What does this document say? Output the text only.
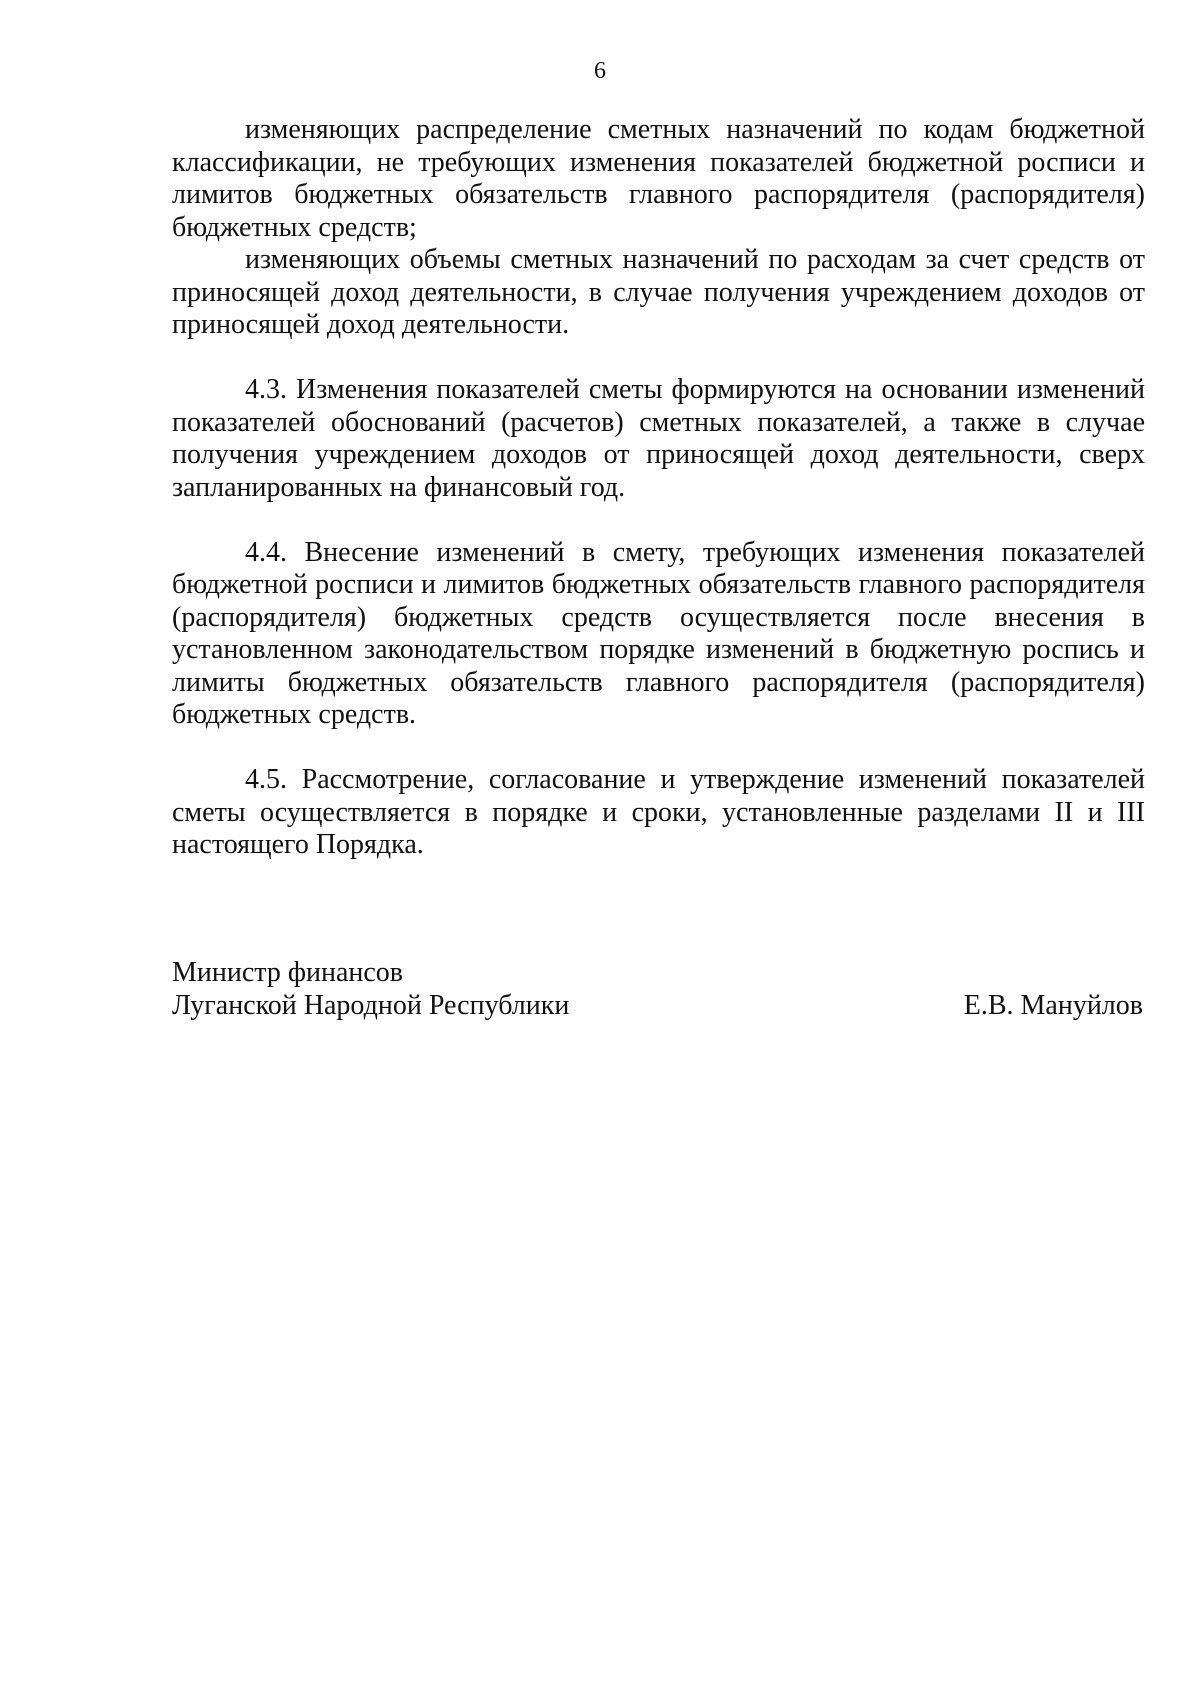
6

изменяющих распределение сметных назначений по кодам бюджетной классификации, не требующих изменения показателей бюджетной росписи и лимитов бюджетных обязательств главного распорядителя (распорядителя) бюджетных средств;

изменяющих объемы сметных назначений по расходам за счет средств от приносящей доход деятельности, в случае получения учреждением доходов от приносящей доход деятельности.

4.3. Изменения показателей сметы формируются на основании изменений показателей обоснований (расчетов) сметных показателей, а также в случае получения учреждением доходов от приносящей доход деятельности, сверх запланированных на финансовый год.

4.4. Внесение изменений в смету, требующих изменения показателей бюджетной росписи и лимитов бюджетных обязательств главного распорядителя (распорядителя) бюджетных средств осуществляется после внесения в установленном законодательством порядке изменений в бюджетную роспись и лимиты бюджетных обязательств главного распорядителя (распорядителя) бюджетных средств.

4.5. Рассмотрение, согласование и утверждение изменений показателей сметы осуществляется в порядке и сроки, установленные разделами II и III настоящего Порядка.

Министр финансов
Луганской Народной Республики	Е.В. Мануйлов
